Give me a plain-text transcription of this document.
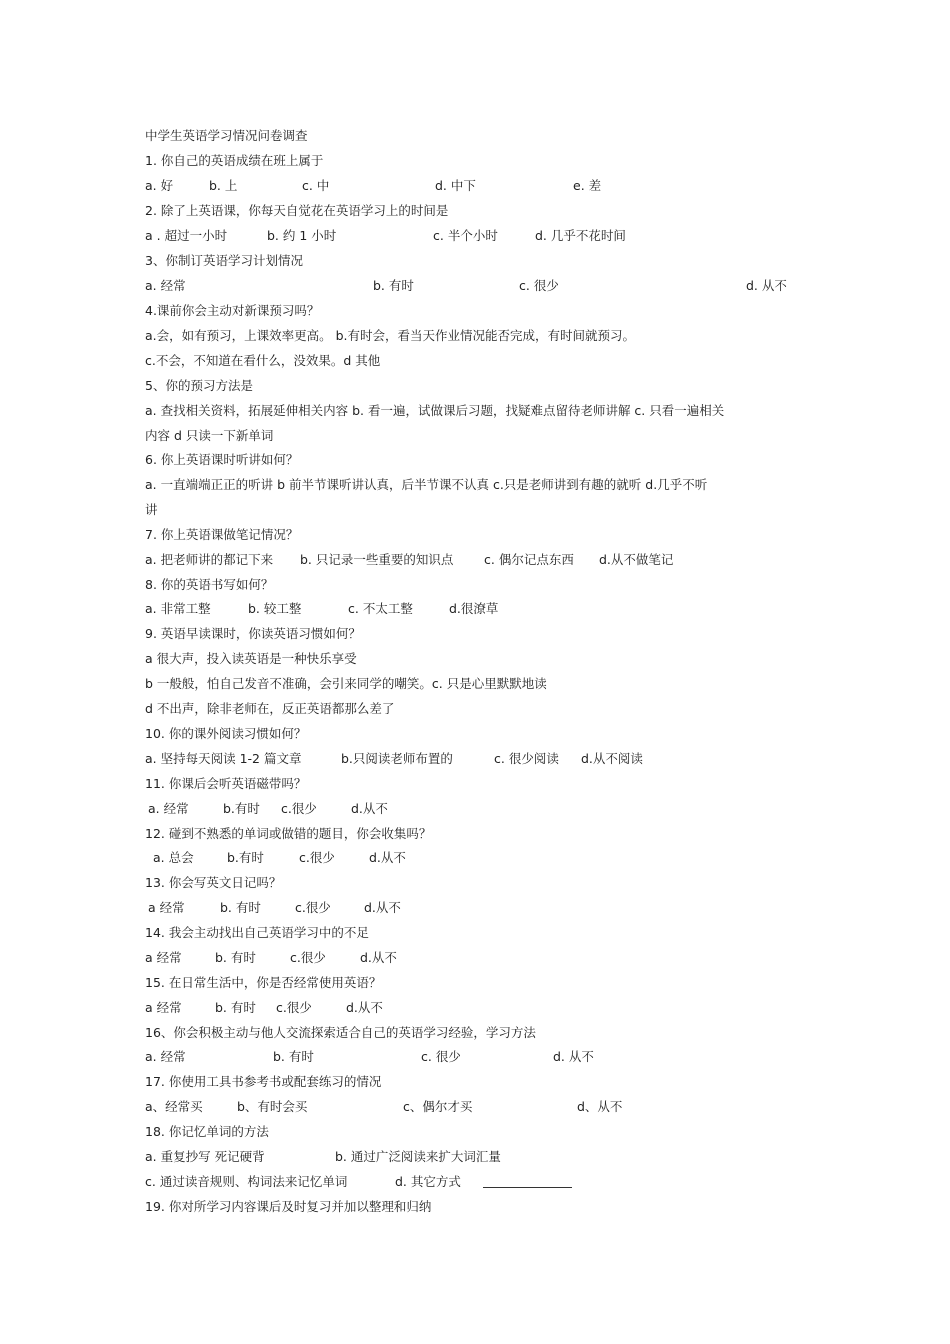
中学生英语学习情况问卷调查
1. 你自己的英语成绩在班上属于
a. 好	b. 上	c. 中	d. 中下	e. 差
2. 除了上英语课，你每天自觉花在英语学习上的时间是
a . 超过一小时	b. 约 1 小时	c. 半个小时	d. 几乎不花时间
3、你制订英语学习计划情况
a. 经常	b. 有时	c. 很少	d. 从不
4.课前你会主动对新课预习吗？
a.会，如有预习，上课效率更高。 b.有时会，看当天作业情况能否完成，有时间就预习。
c.不会，不知道在看什么，没效果。d 其他
5、你的预习方法是
a. 查找相关资料，拓展延伸相关内容 b. 看一遍，试做课后习题，找疑难点留待老师讲解 c. 只看一遍相关
内容 d 只读一下新单词
6. 你上英语课时听讲如何？
a. 一直端端正正的听讲 b 前半节课听讲认真，后半节课不认真 c.只是老师讲到有趣的就听 d.几乎不听
讲
7. 你上英语课做笔记情况？
a. 把老师讲的都记下来 b. 只记录一些重要的知识点 c. 偶尔记点东西 d.从不做笔记
8. 你的英语书写如何？
a. 非常工整	b. 较工整	c. 不太工整	d.很潦草
9. 英语早读课时，你读英语习惯如何？
a 很大声，投入读英语是一种快乐享受
b 一般般，怕自己发音不准确，会引来同学的嘲笑。c. 只是心里默默地读
d 不出声，除非老师在，反正英语都那么差了
10. 你的课外阅读习惯如何？
a. 坚持每天阅读 1-2 篇文章	b.只阅读老师布置的	c. 很少阅读 d.从不阅读
11. 你课后会听英语磁带吗？
a. 经常	b.有时 c.很少	d.从不
12. 碰到不熟悉的单词或做错的题目，你会收集吗？
a. 总会	b.有时	c.很少	d.从不
13. 你会写英文日记吗？
a 经常	b. 有时	c.很少	d.从不
14. 我会主动找出自己英语学习中的不足
a 经常	b. 有时	c.很少	d.从不
15. 在日常生活中，你是否经常使用英语？
a 经常	b. 有时 c.很少	d.从不
16、你会积极主动与他人交流探索适合自己的英语学习经验，学习方法
a. 经常	b. 有时	c. 很少	d. 从不
17. 你使用工具书参考书或配套练习的情况
a、经常买	b、有时会买	c、偶尔才买	d、从不
18. 你记忆单词的方法
a. 重复抄写 死记硬背	b. 通过广泛阅读来扩大词汇量
c. 通过读音规则、构词法来记忆单词	d. 其它方式
19. 你对所学习内容课后及时复习并加以整理和归纳
